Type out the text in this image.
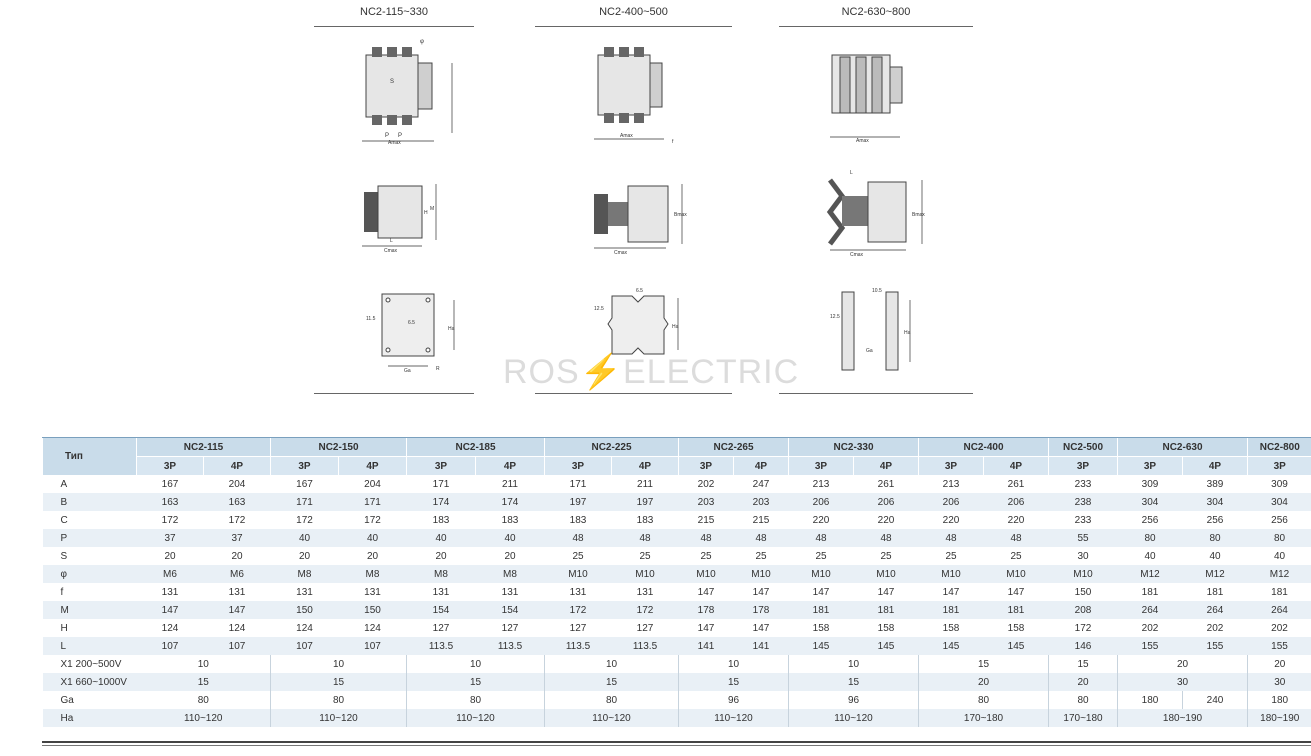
NC2-115~330	NC2-400~500	NC2-630~800
P P
Amax
S
φ
Amax
f	Amax
Cmax
L
H
M
Cmax
Bmax
Cmax
L
Bmax
Ga
Ha
11.5
6.5
R
Ha
12.5
6.5
Ha
Ga
10.5
12.5
ROS⚡ELECTRIC
Тип	NC2-115		NC2-150		NC2-185		NC2-225		NC2-265		NC2-330		NC2-400		NC2-500	NC2-630		NC2-800
	3P	4P	3P	4P	3P	4P	3P	4P	3P	4P	3P	4P	3P	4P	3P	3P	4P	3P
A	167	204	167	204	171	211	171	211	202	247	213	261	213	261	233	309	389	309
B	163	163	171	171	174	174	197	197	203	203	206	206	206	206	238	304	304	304
C	172	172	172	172	183	183	183	183	215	215	220	220	220	220	233	256	256	256
P	37	37	40	40	40	40	48	48	48	48	48	48	48	48	55	80	80	80
S	20	20	20	20	20	20	25	25	25	25	25	25	25	25	30	40	40	40
φ	M6	M6	M8	M8	M8	M8	M10	M10	M10	M10	M10	M10	M10	M10	M10	M12	M12	M12
f	131	131	131	131	131	131	131	131	147	147	147	147	147	147	150	181	181	181
M	147	147	150	150	154	154	172	172	178	178	181	181	181	181	208	264	264	264
H	124	124	124	124	127	127	127	127	147	147	158	158	158	158	172	202	202	202
L	107	107	107	107	113.5	113.5	113.5	113.5	141	141	145	145	145	145	146	155	155	155
X1 200~500V	10		10		10		10		10		10		15		15	20		20
X1 660~1000V	15		15		15		15		15		15		20		20	30		30
Ga	80		80		80		80		96		96		80		80	180	240	180
Ha	110~120		110~120		110~120		110~120		110~120		110~120		170~180		170~180	180~190		180~190
